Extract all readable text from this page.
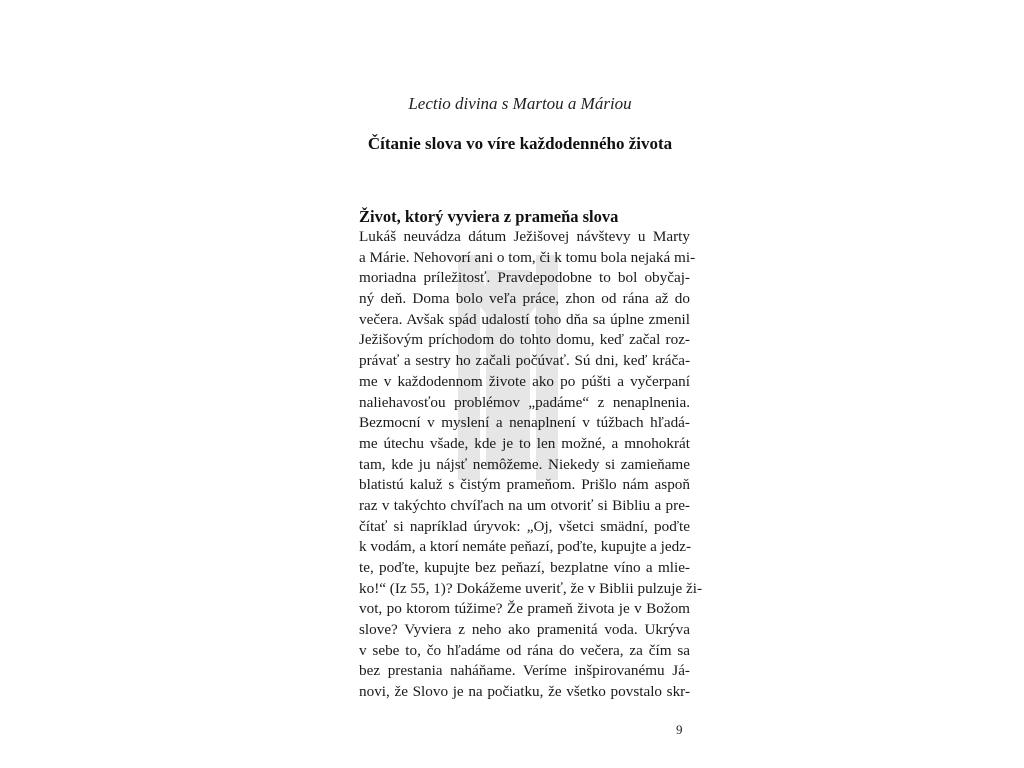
Lectio divina s Martou a Máriou
Čítanie slova vo víre každodenného života
Život, ktorý vyviera z prameňa slova
Lukáš neuvádza dátum Ježišovej návštevy u Marty
a Márie. Nehovorí ani o tom, či k tomu bola nejaká mi-
moriadna príležitosť. Pravdepodobne to bol obyčaj-
ný deň. Doma bolo veľa práce, zhon od rána až do
večera. Avšak spád udalostí toho dňa sa úplne zmenil
Ježišovým príchodom do tohto domu, keď začal roz-
právať a sestry ho začali počúvať. Sú dni, keď kráča-
me v každodennom živote ako po púšti a vyčerpaní
naliehavosťou problémov „padáme“ z nenaplnenia.
Bezmocní v myslení a nenaplnení v túžbach hľadá-
me útechu všade, kde je to len možné, a mnohokrát
tam, kde ju nájsť nemôžeme. Niekedy si zamieňame
blatistú kaluž s čistým prameňom. Prišlo nám aspoň
raz v takýchto chvíľach na um otvoriť si Bibliu a pre-
čítať si napríklad úryvok: „Oj, všetci smädní, poďte
k vodám, a ktorí nemáte peňazí, poďte, kupujte a jedz-
te, poďte, kupujte bez peňazí, bezplatne víno a mlie-
ko!“ (Iz 55, 1)? Dokážeme uveriť, že v Biblii pulzuje ži-
vot, po ktorom túžime? Že prameň života je v Božom
slove? Vyviera z neho ako pramenitá voda. Ukrýva
v sebe to, čo hľadáme od rána do večera, za čím sa
bez prestania naháňame. Veríme inšpirovanému Já-
novi, že Slovo je na počiatku, že všetko povstalo skr-
9
